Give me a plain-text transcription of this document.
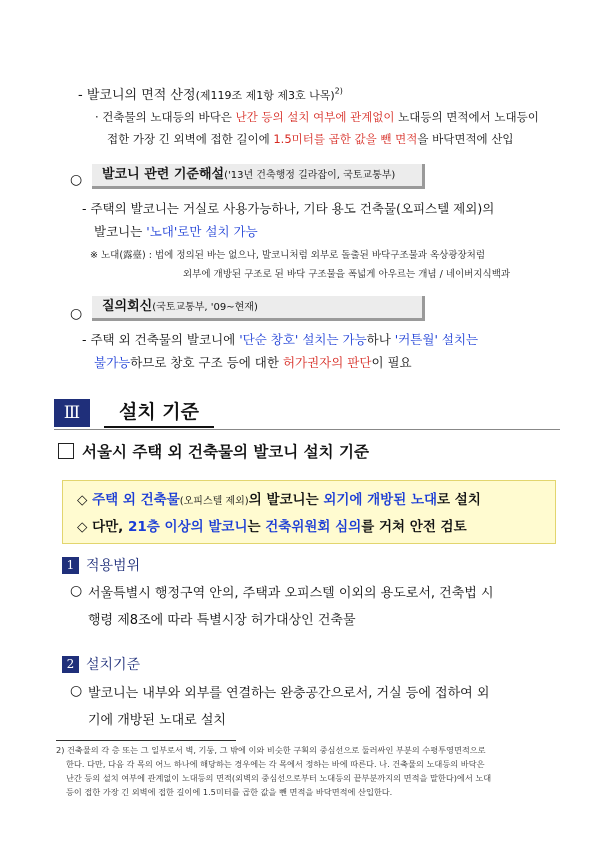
- 발코니의 면적 산정(제119조 제1항 제3호 나목)$^{2)}$
· 건축물의 노대등의 바닥은 난간 등의 설치 여부에 관계없이 노대등의 면적에서 노대등이
접한 가장 긴 외벽에 접한 길이에 1.5미터를 곱한 값을 뺀 면적을 바닥면적에 산입
○	발코니 관련 기준해설('13년 건축행정 길라잡이, 국토교통부)
- 주택의 발코니는 거실로 사용가능하나, 기타 용도 건축물(오피스텔 제외)의
발코니는 '노대'로만 설치 가능
※ 노대(露臺) : 법에 정의된 바는 없으나, 발코니처럼 외부로 돌출된 바닥구조물과 옥상광장처럼
외부에 개방된 구조로 된 바닥 구조물을 폭넓게 아우르는 개념 / 네이버지식백과
○	질의회신(국토교통부, '09~현재)
- 주택 외 건축물의 발코니에 '단순 창호' 설치는 가능하나 '커튼월' 설치는
불가능하므로 창호 구조 등에 대한 허가권자의 판단이 필요
Ⅲ	설치 기준
서울시 주택 외 건축물의 발코니 설치 기준
◇ 주택 외 건축물(오피스텔 제외)의 발코니는 외기에 개방된 노대로 설치
◇ 다만, 21층 이상의 발코니는 건축위원회 심의를 거쳐 안전 검토
1 적용범위
○ 서울특별시 행정구역 안의, 주택과 오피스텔 이외의 용도로서, 건축법 시
행령 제8조에 따라 특별시장 허가대상인 건축물
2 설치기준
○ 발코니는 내부와 외부를 연결하는 완충공간으로서, 거실 등에 접하여 외
기에 개방된 노대로 설치
2) 건축물의 각 층 또는 그 일부로서 벽, 기둥, 그 밖에 이와 비슷한 구획의 중심선으로 둘러싸인 부분의 수평투영면적으로
한다. 다만, 다음 각 목의 어느 하나에 해당하는 경우에는 각 목에서 정하는 바에 따른다. 나. 건축물의 노대등의 바닥은
난간 등의 설치 여부에 관계없이 노대등의 면적(외벽의 중심선으로부터 노대등의 끝부분까지의 면적을 말한다)에서 노대
등이 접한 가장 긴 외벽에 접한 길이에 1.5미터를 곱한 값을 뺀 면적을 바닥면적에 산입한다.
